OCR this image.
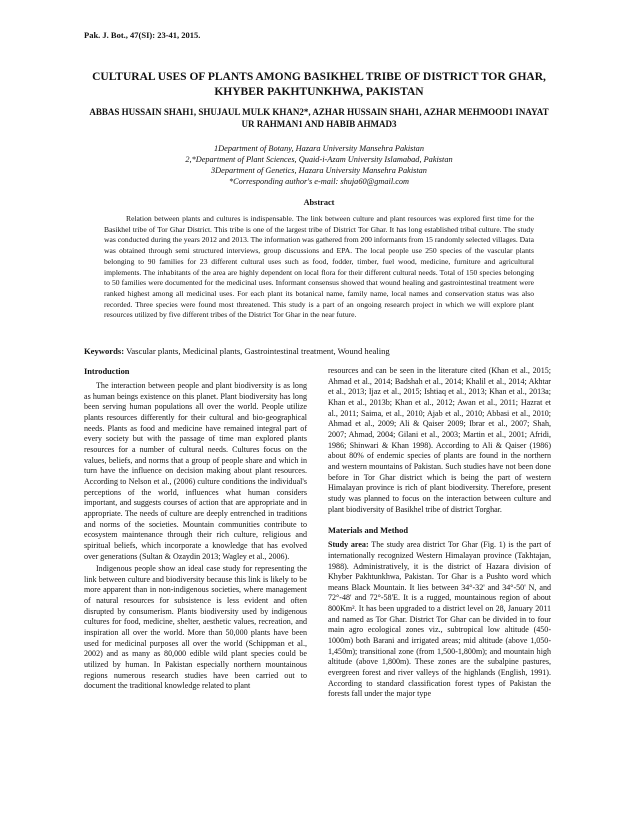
Pak. J. Bot., 47(SI): 23-41, 2015.
CULTURAL USES OF PLANTS AMONG BASIKHEL TRIBE OF DISTRICT TOR GHAR, KHYBER PAKHTUNKHWA, PAKISTAN
ABBAS HUSSAIN SHAH1, SHUJAUL MULK KHAN2*, AZHAR HUSSAIN SHAH1, AZHAR MEHMOOD1 INAYAT UR RAHMAN1 AND HABIB AHMAD3
1Department of Botany, Hazara University Mansehra Pakistan
2,*Department of Plant Sciences, Quaid-i-Azam University Islamabad, Pakistan
3Department of Genetics, Hazara University Mansehra Pakistan
*Corresponding author's e-mail: shuja60@gmail.com
Abstract

Relation between plants and cultures is indispensable. The link between culture and plant resources was explored first time for the Basikhel tribe of Tor Ghar District. This tribe is one of the largest tribe of District Tor Ghar. It has long established tribal culture. The study was conducted during the years 2012 and 2013. The information was gathered from 200 informants from 15 randomly selected villages. Data was obtained through semi structured interviews, group discussions and EPA. The local people use 250 species of the vascular plants belonging to 90 families for 23 different cultural uses such as food, fodder, timber, fuel wood, medicine, furniture and agricultural implements. The inhabitants of the area are highly dependent on local flora for their different cultural needs. Total of 150 species belonging to 50 families were documented for the medicinal uses. Informant consensus showed that wound healing and gastrointestinal treatment were ranked highest among all medicinal uses. For each plant its botanical name, family name, local names and conservation status was also recorded. Three species were found most threatened. This study is a part of an ongoing research project in which we will explore plant resources utilized by five different tribes of the District Tor Ghar in the near future.

Keywords: Vascular plants, Medicinal plants, Gastrointestinal treatment, Wound healing
Introduction

The interaction between people and plant biodiversity is as long as human beings existence on this planet. Plant biodiversity has long been serving human populations all over the world. People utilize plants resources differently for their cultural and bio-geographical needs. Plants as food and medicine have remained integral part of every society but with the passage of time man explored plants resources for a number of cultural needs. Cultures focus on the values, beliefs, and norms that a group of people share and which in turn have the influence on decision making about plant resources. According to Nelson et al., (2006) culture conditions the individual's perceptions of the world, influences what human considers important, and suggests courses of action that are appropriate and in appropriate. The needs of culture are deeply entrenched in traditions and norms of the societies. Mountain communities contribute to ecosystem maintenance through their rich culture, religious and spiritual beliefs, which incorporate a knowledge that has evolved over generations (Sultan & Ozaydin 2013; Wagley et al., 2006).

Indigenous people show an ideal case study for representing the link between culture and biodiversity because this link is likely to be more apparent than in non-indigenous societies, where management of natural resources for subsistence is less evident and often disrupted by consumerism. Plants biodiversity used by indigenous cultures for food, medicine, shelter, aesthetic values, recreation, and inspiration all over the world. More than 50,000 plants have been used for medicinal purposes all over the world (Schippman et al., 2002) and as many as 80,000 edible wild plant species could be utilized by human. In Pakistan especially northern mountainous regions numerous research studies have been carried out to document the traditional knowledge related to plant

resources and can be seen in the literature cited (Khan et al., 2015; Ahmad et al., 2014; Badshah et al., 2014; Khalil et al., 2014; Akhtar et al., 2013; Ijaz et al., 2015; Ishtiaq et al., 2013; Khan et al., 2013a; Khan et al., 2013b; Khan et al., 2012; Awan et al., 2011; Hazrat et al., 2011; Saima, et al., 2010; Ajab et al., 2010; Abbasi et al., 2010; Ahmad et al., 2009; Ali & Qaiser 2009; Ibrar et al., 2007; Shah, 2007; Ahmad, 2004; Gilani et al., 2003; Martin et al., 2001; Afridi, 1986; Shinwari & Khan 1998). According to Ali & Qaiser (1986) about 80% of endemic species of plants are found in the northern and western mountains of Pakistan. Such studies have not been done before in Tor Ghar district which is being the part of western Himalayan province is rich of plant biodiversity. Therefore, present study was planned to focus on the interaction between culture and plant biodiversity of Basikhel tribe of district Torghar.

Materials and Method

Study area: The study area district Tor Ghar (Fig. 1) is the part of internationally recognized Western Himalayan province (Takhtajan, 1988). Administratively, it is the district of Hazara division of Khyber Pakhtunkhwa, Pakistan. Tor Ghar is a Pushto word which means Black Mountain. It lies between 34°-32' and 34°-50' N, and 72°-48' and 72°-58'E. It is a rugged, mountainous region of about 800Km². It has been upgraded to a district level on 28, January 2011 and named as Tor Ghar. District Tor Ghar can be divided in to four main agro ecological zones viz., subtropical low altitude (450-1000m) both Barani and irrigated areas; mid altitude (above 1,050-1,450m); transitional zone (from 1,500-1,800m); and mountain high altitude (above 1,800m). These zones are the subalpine pastures, evergreen forest and river valleys of the highlands (English, 1991). According to standard classification forest types of Pakistan the forests fall under the major type
